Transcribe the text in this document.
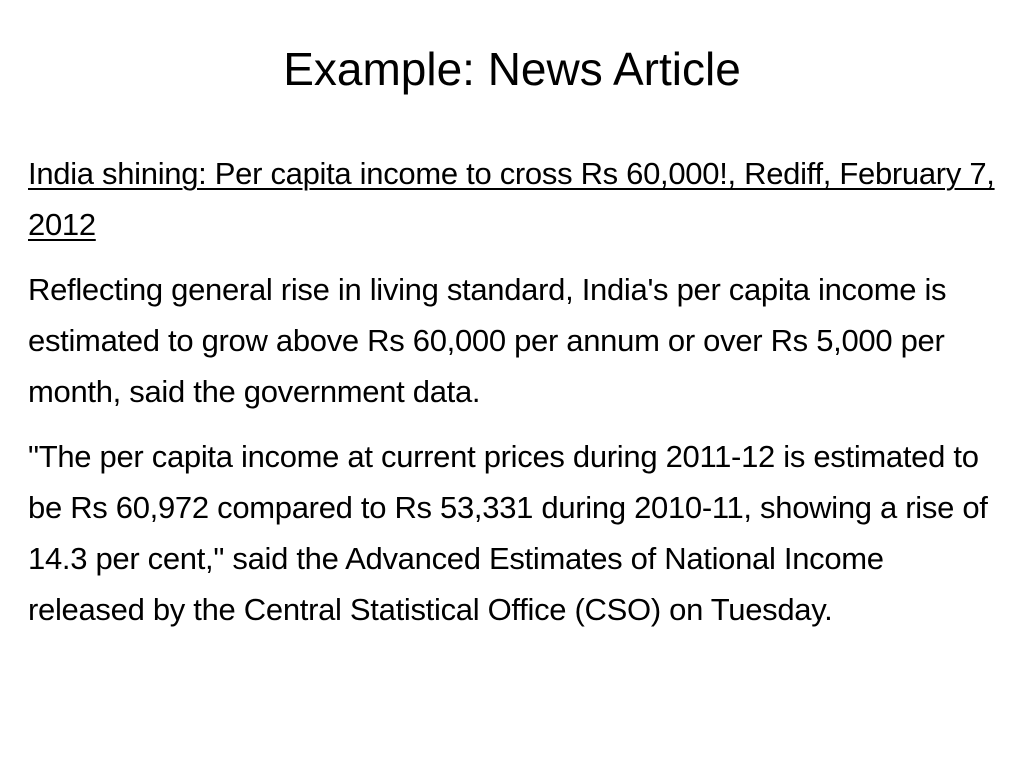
Example: News Article

India shining: Per capita income to cross Rs 60,000!, Rediff, February 7, 2012

Reflecting general rise in living standard, India's per capita income is estimated to grow above Rs 60,000 per annum or over Rs 5,000 per month, said the government data.

"The per capita income at current prices during 2011-12 is estimated to be Rs 60,972 compared to Rs 53,331 during 2010-11, showing a rise of 14.3 per cent," said the Advanced Estimates of National Income released by the Central Statistical Office (CSO) on Tuesday.
